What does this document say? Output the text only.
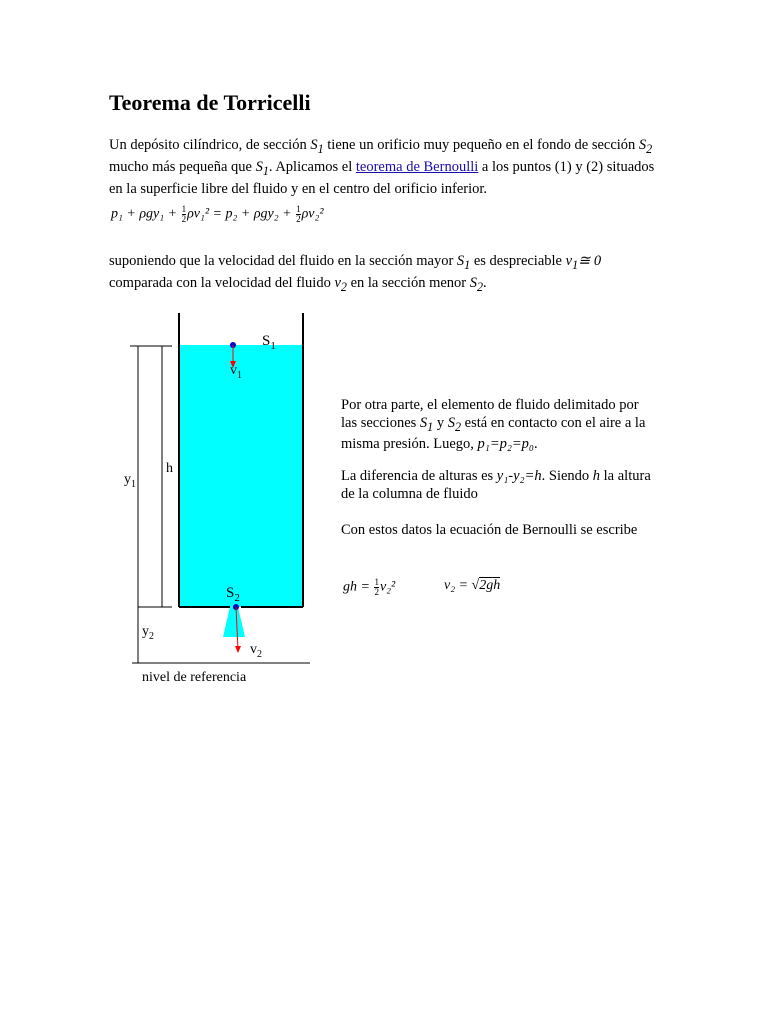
Teorema de Torricelli
Un depósito cilíndrico, de sección $S_1$ tiene un orificio muy pequeño en el fondo de sección $S_2$ mucho más pequeña que $S_1$. Aplicamos el teorema de Bernoulli a los puntos (1) y (2) situados en la superficie libre del fluido y en el centro del orificio inferior.
$p_1 + \rho gy_1 + \frac{1}{2} \rho v_1^2 = p_2 + \rho gy_2 + \frac{1}{2} \rho v_2^2$
suponiendo que la velocidad del fluido en la sección mayor $S_1$ es despreciable $v_1≅$ 0
comparada con la velocidad del fluido $v_2$ en la sección menor $S_2$.
$S_1$
$v_1$
$y_1$
h
$S_2$
$y_2$
$v_2$
nivel de referencia
Por otra parte, el elemento de fluido delimitado por las secciones $S_1$ y $S_2$ está en contacto con el aire a la misma presión. Luego, p₁=p₂=p₀.
La diferencia de alturas es y₁-y₂=h. Siendo h la altura de la columna de fluido
Con estos datos la ecuación de Bernoulli se escribe
gh = $\frac{1}{2} v_2^2$	v₂ = √2gh
